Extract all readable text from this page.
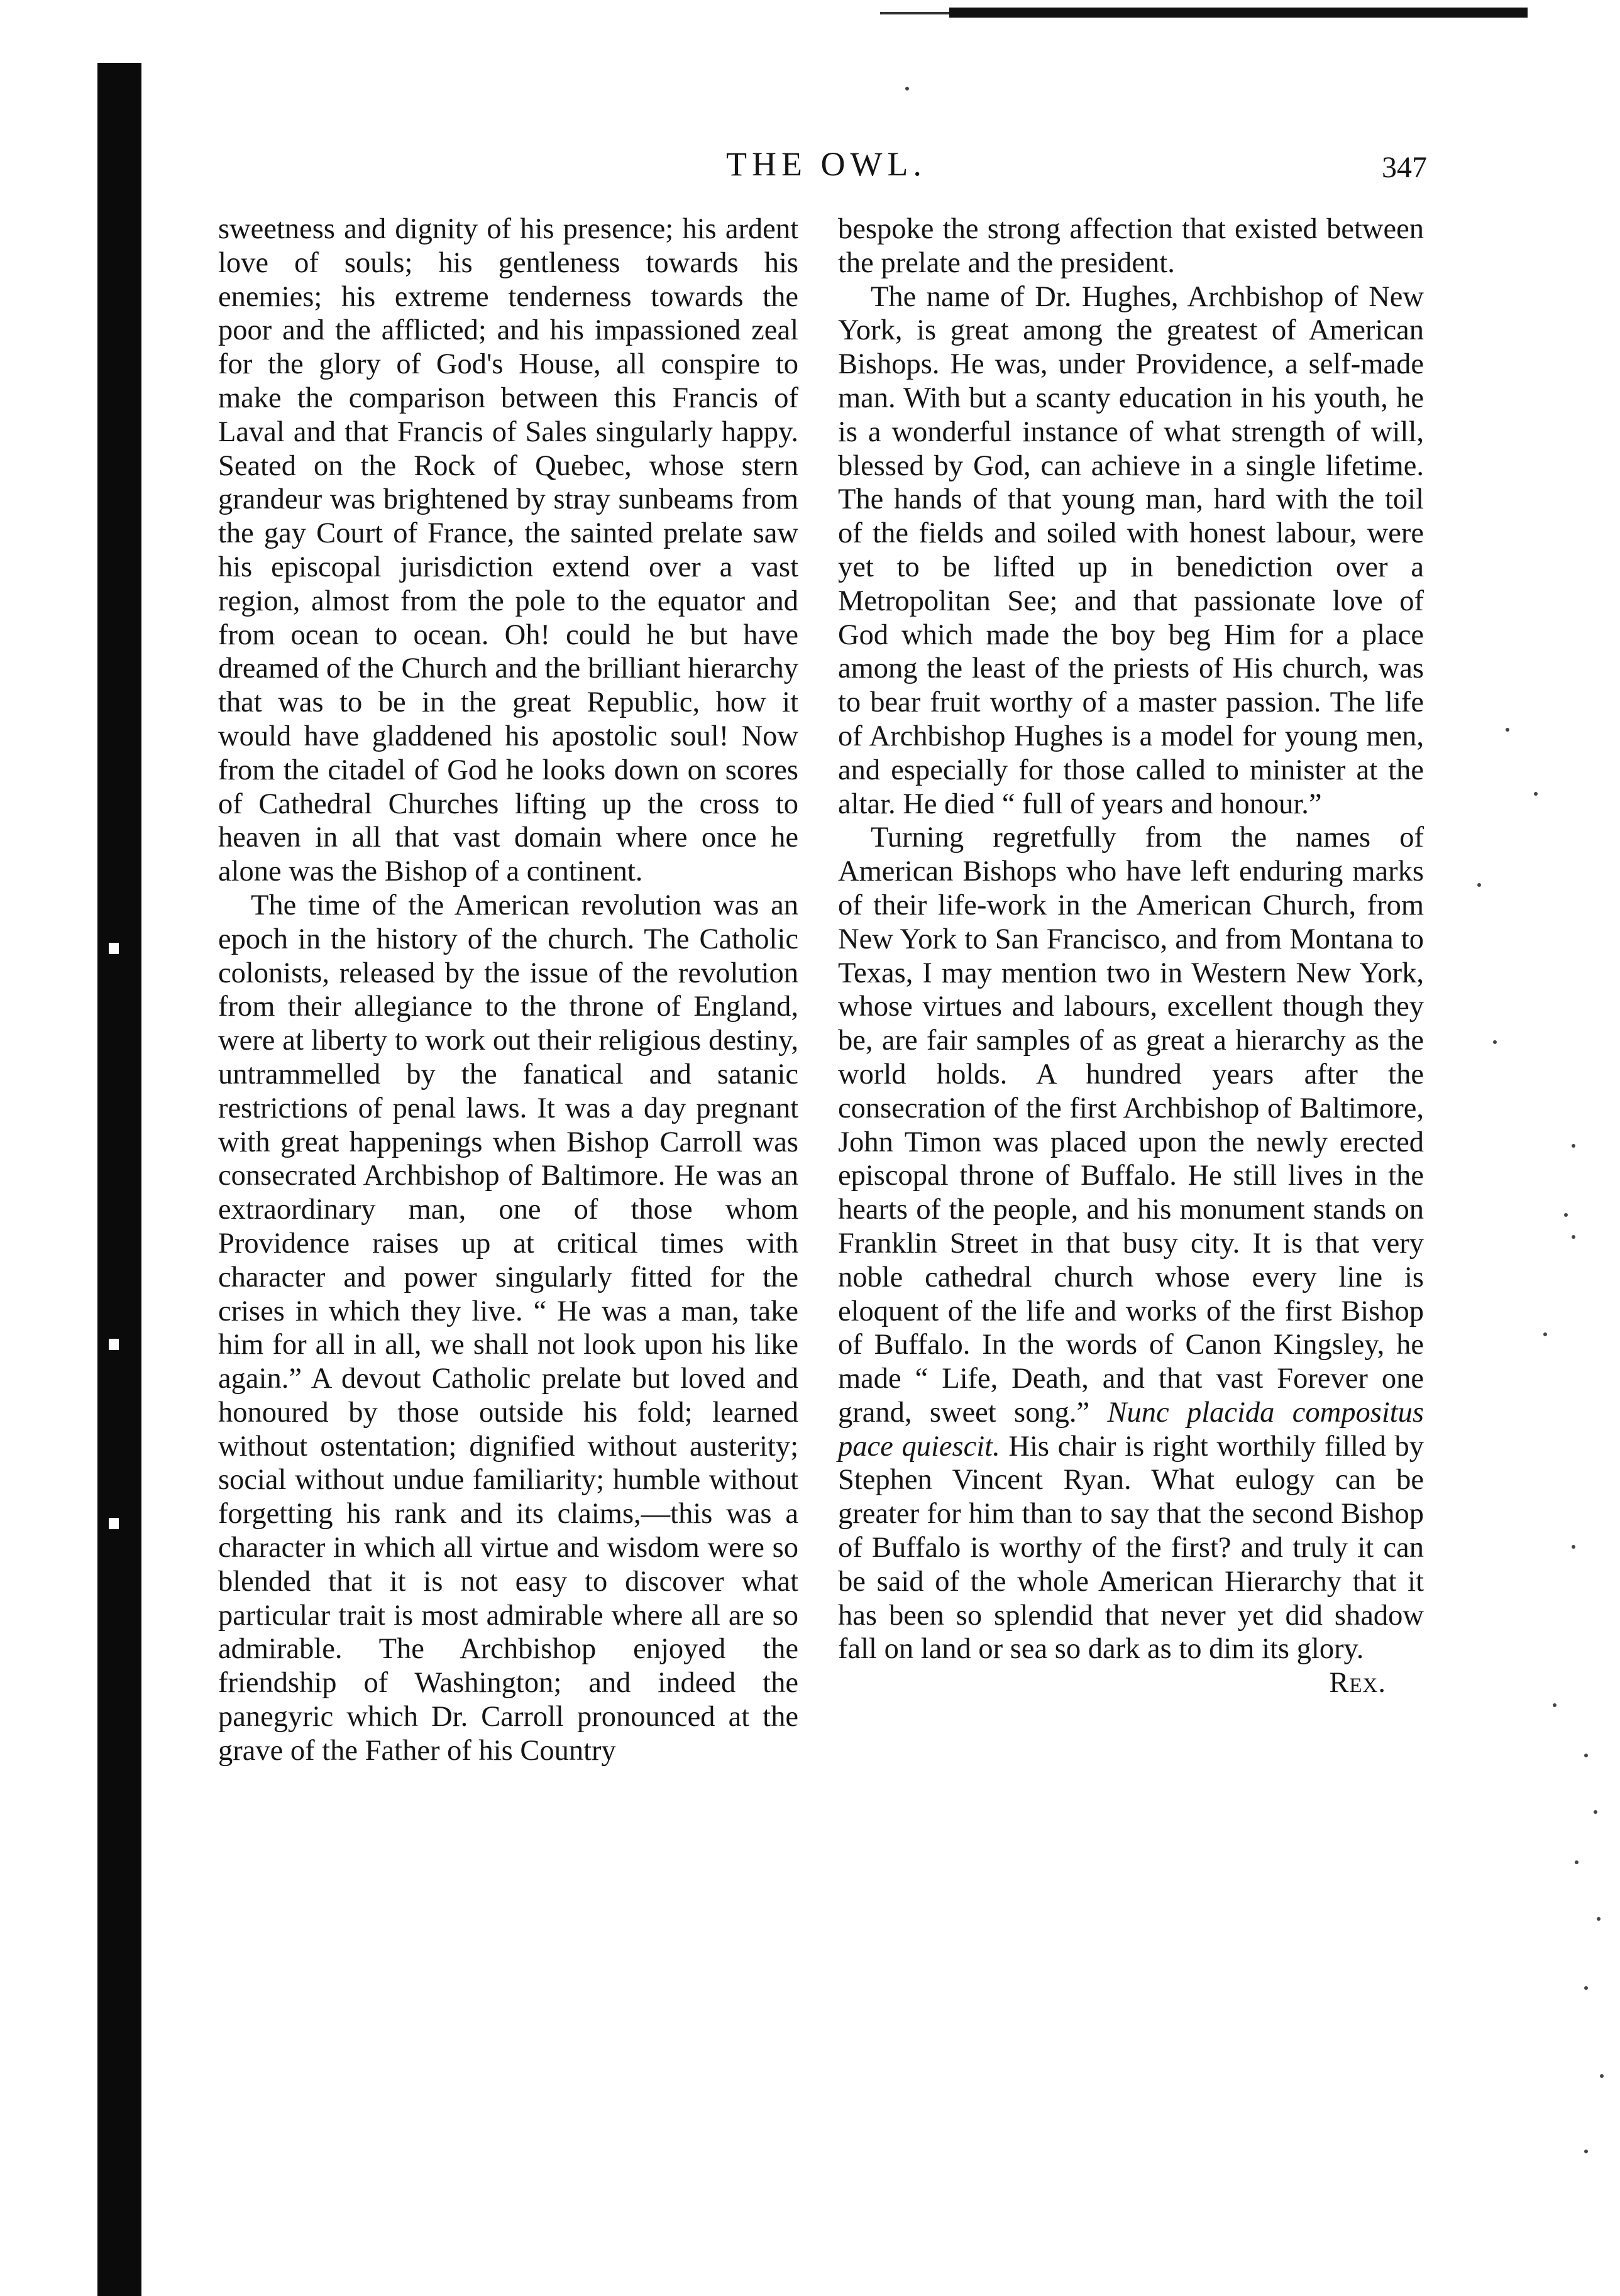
THE OWL.	347

sweetness and dignity of his presence; his ardent love of souls; his gentleness towards his enemies; his extreme tenderness towards the poor and the afflicted; and his impassioned zeal for the glory of God's House, all conspire to make the comparison between this Francis of Laval and that Francis of Sales singularly happy. Seated on the Rock of Quebec, whose stern grandeur was brightened by stray sunbeams from the gay Court of France, the sainted prelate saw his episcopal jurisdiction extend over a vast region, almost from the pole to the equator and from ocean to ocean. Oh! could he but have dreamed of the Church and the brilliant hierarchy that was to be in the great Republic, how it would have gladdened his apostolic soul! Now from the citadel of God he looks down on scores of Cathedral Churches lifting up the cross to heaven in all that vast domain where once he alone was the Bishop of a continent.

The time of the American revolution was an epoch in the history of the church. The Catholic colonists, released by the issue of the revolution from their allegiance to the throne of England, were at liberty to work out their religious destiny, untrammelled by the fanatical and satanic restrictions of penal laws. It was a day pregnant with great happenings when Bishop Carroll was consecrated Archbishop of Baltimore. He was an extraordinary man, one of those whom Providence raises up at critical times with character and power singularly fitted for the crises in which they live. “ He was a man, take him for all in all, we shall not look upon his like again.” A devout Catholic prelate but loved and honoured by those outside his fold; learned without ostentation; dignified without austerity; social without undue familiarity; humble without forgetting his rank and its claims,—this was a character in which all virtue and wisdom were so blended that it is not easy to discover what particular trait is most admirable where all are so admirable. The Archbishop enjoyed the friendship of Washington; and indeed the panegyric which Dr. Carroll pronounced at the grave of the Father of his Country

bespoke the strong affection that existed between the prelate and the president.

The name of Dr. Hughes, Archbishop of New York, is great among the greatest of American Bishops. He was, under Providence, a self-made man. With but a scanty education in his youth, he is a wonderful instance of what strength of will, blessed by God, can achieve in a single lifetime. The hands of that young man, hard with the toil of the fields and soiled with honest labour, were yet to be lifted up in benediction over a Metropolitan See; and that passionate love of God which made the boy beg Him for a place among the least of the priests of His church, was to bear fruit worthy of a master passion. The life of Archbishop Hughes is a model for young men, and especially for those called to minister at the altar. He died “ full of years and honour.”

Turning regretfully from the names of American Bishops who have left enduring marks of their life-work in the American Church, from New York to San Francisco, and from Montana to Texas, I may mention two in Western New York, whose virtues and labours, excellent though they be, are fair samples of as great a hierarchy as the world holds. A hundred years after the consecration of the first Archbishop of Baltimore, John Timon was placed upon the newly erected episcopal throne of Buffalo. He still lives in the hearts of the people, and his monument stands on Franklin Street in that busy city. It is that very noble cathedral church whose every line is eloquent of the life and works of the first Bishop of Buffalo. In the words of Canon Kingsley, he made “ Life, Death, and that vast Forever one grand, sweet song.” Nunc placida compositus pace quiescit. His chair is right worthily filled by Stephen Vincent Ryan. What eulogy can be greater for him than to say that the second Bishop of Buffalo is worthy of the first? and truly it can be said of the whole American Hierarchy that it has been so splendid that never yet did shadow fall on land or sea so dark as to dim its glory.

Rex.
